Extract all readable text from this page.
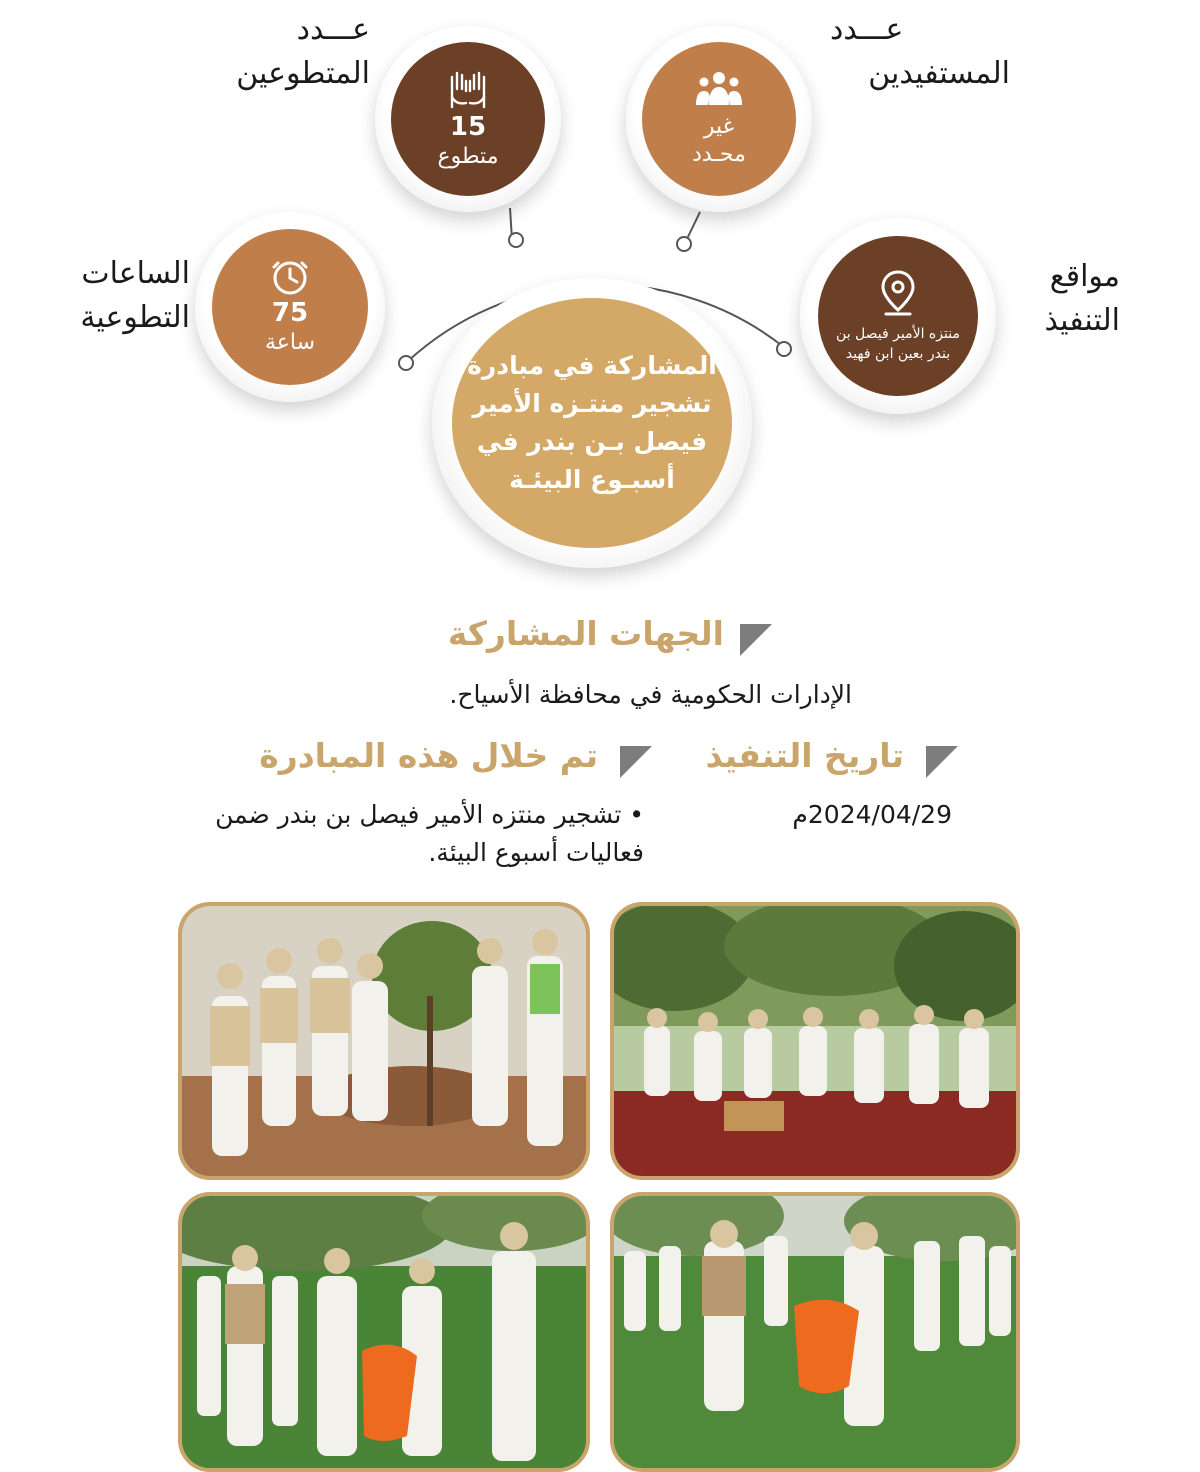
عـــدد
المتطوعين
15
متطوع
عـــدد
المستفيدين
غير
محـدد
الساعات
التطوعية	75
ساعة
مواقع
التنفيذ
منتزه الأمير فيصل بن بندر بعين ابن فهيد
المشاركة في مبادرة
تشجير منتـزه الأمير
فيصل بـن بندر في
أسبـوع البيئـة
الجهات المشاركة
الإدارات الحكومية في محافظة الأسياح.
تاريخ التنفيذ
2024/04/29م
تم خلال هذه المبادرة
• تشجير منتزه الأمير فيصل بن بندر ضمن
فعاليات أسبوع البيئة.
